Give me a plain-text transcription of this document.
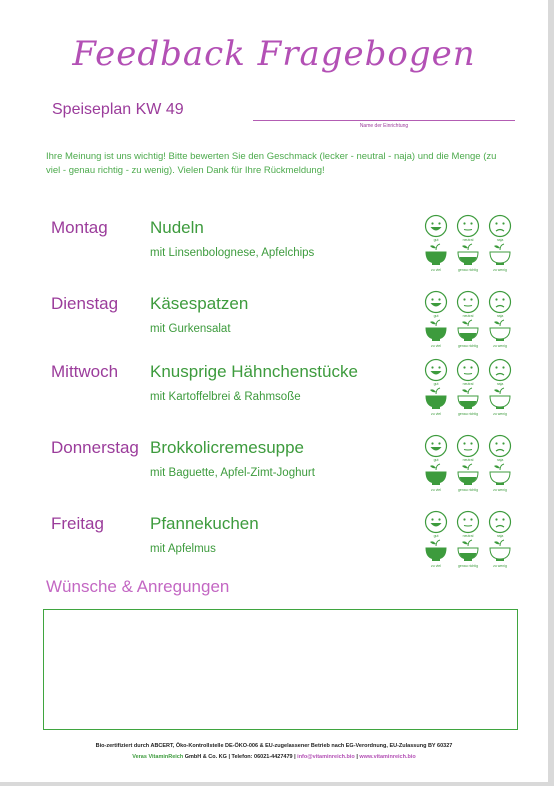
Feedback Fragebogen
Speiseplan KW 49
Name der Einrichtung
Ihre Meinung ist uns wichtig! Bitte bewerten Sie den Geschmack (lecker - neutral - naja) und die Menge (zu viel - genau richtig - zu wenig). Vielen Dank für Ihre Rückmeldung!
Montag Nudeln
mit Linsenbolognese, Apfelchips
gut
zu viel
neutral
genau richtig
naja
zu wenig
Dienstag Käsespatzen
mit Gurkensalat
gut
zu viel
neutral
genau richtig
naja
zu wenig
Mittwoch Knusprige Hähnchenstücke
mit Kartoffelbrei & Rahmsoße
gut
zu viel
neutral
genau richtig
naja
zu wenig
Donnerstag Brokkolicremesuppe
mit Baguette, Apfel-Zimt-Joghurt
gut
zu viel
neutral
genau richtig
naja
zu wenig
Freitag	Pfannekuchen
mit Apfelmus
gut
zu viel
neutral
genau richtig
naja
zu wenig
Wünsche & Anregungen
Bio-zertifiziert durch ABCERT, Öko-Kontrollstelle DE-ÖKO-006 & EU-zugelassener Betrieb nach EG-Verordnung, EU-Zulassung BY 60327
Veras VitaminReich GmbH & Co. KG | Telefon: 06021-4427479 | info@vitaminreich.bio | www.vitaminreich.bio
